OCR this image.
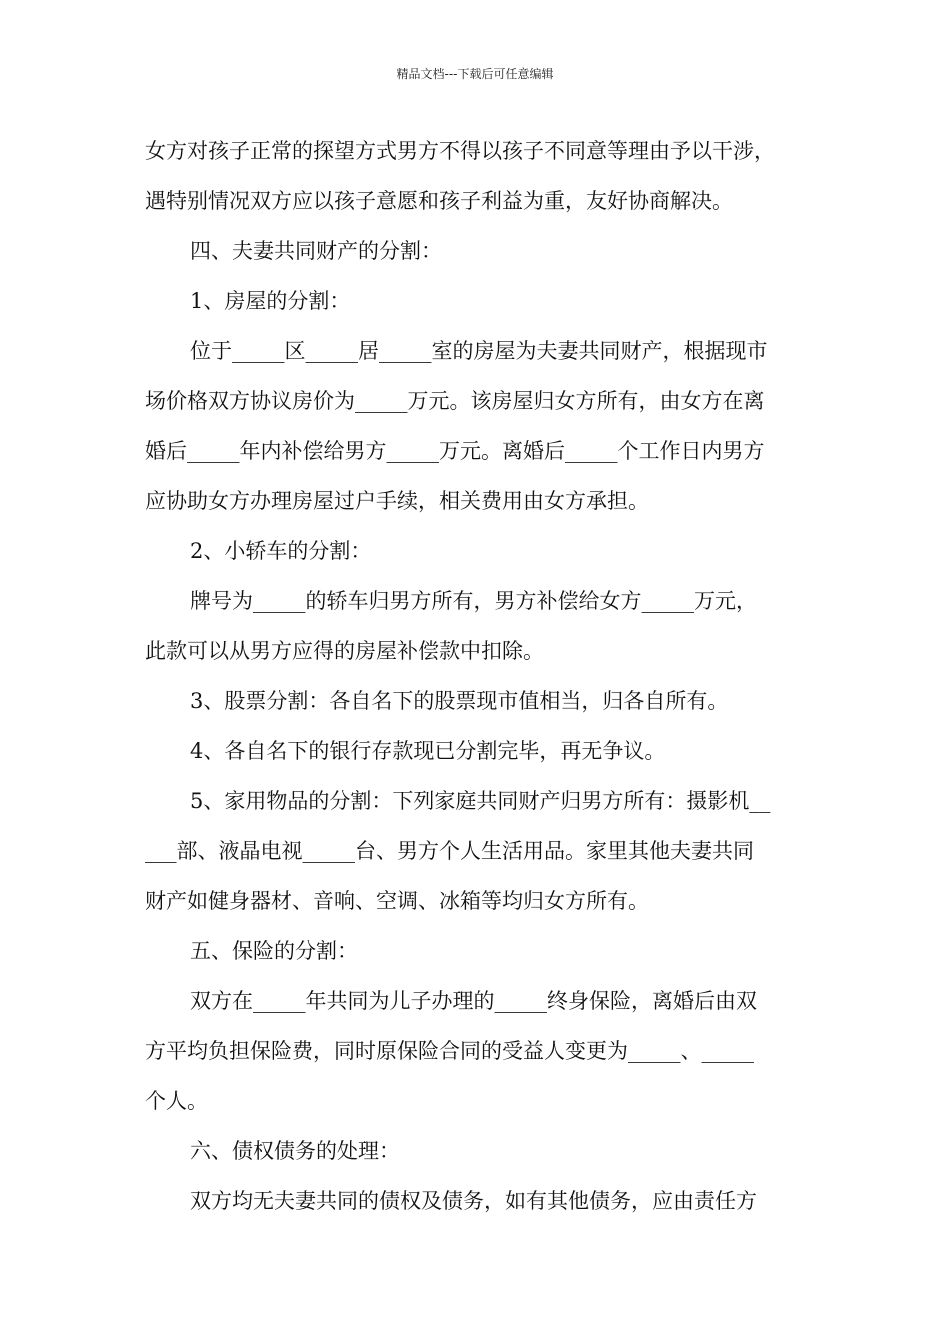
精品文档---下载后可任意编辑
女方对孩子正常的探望方式男方不得以孩子不同意等理由予以干涉，
遇特别情况双方应以孩子意愿和孩子利益为重，友好协商解决。
四、夫妻共同财产的分割：
1、房屋的分割：
位于_____区_____居_____室的房屋为夫妻共同财产，根据现市
场价格双方协议房价为_____万元。该房屋归女方所有，由女方在离
婚后_____年内补偿给男方_____万元。离婚后_____个工作日内男方
应协助女方办理房屋过户手续，相关费用由女方承担。
2、小轿车的分割：
牌号为_____的轿车归男方所有，男方补偿给女方_____万元，
此款可以从男方应得的房屋补偿款中扣除。
3、股票分割：各自名下的股票现市值相当，归各自所有。
4、各自名下的银行存款现已分割完毕，再无争议。
5、家用物品的分割：下列家庭共同财产归男方所有：摄影机__
___部、液晶电视_____台、男方个人生活用品。家里其他夫妻共同
财产如健身器材、音响、空调、冰箱等均归女方所有。
五、保险的分割：
双方在_____年共同为儿子办理的_____终身保险，离婚后由双
方平均负担保险费，同时原保险合同的受益人变更为_____、_____
个人。
六、债权债务的处理：
双方均无夫妻共同的债权及债务，如有其他债务，应由责任方
